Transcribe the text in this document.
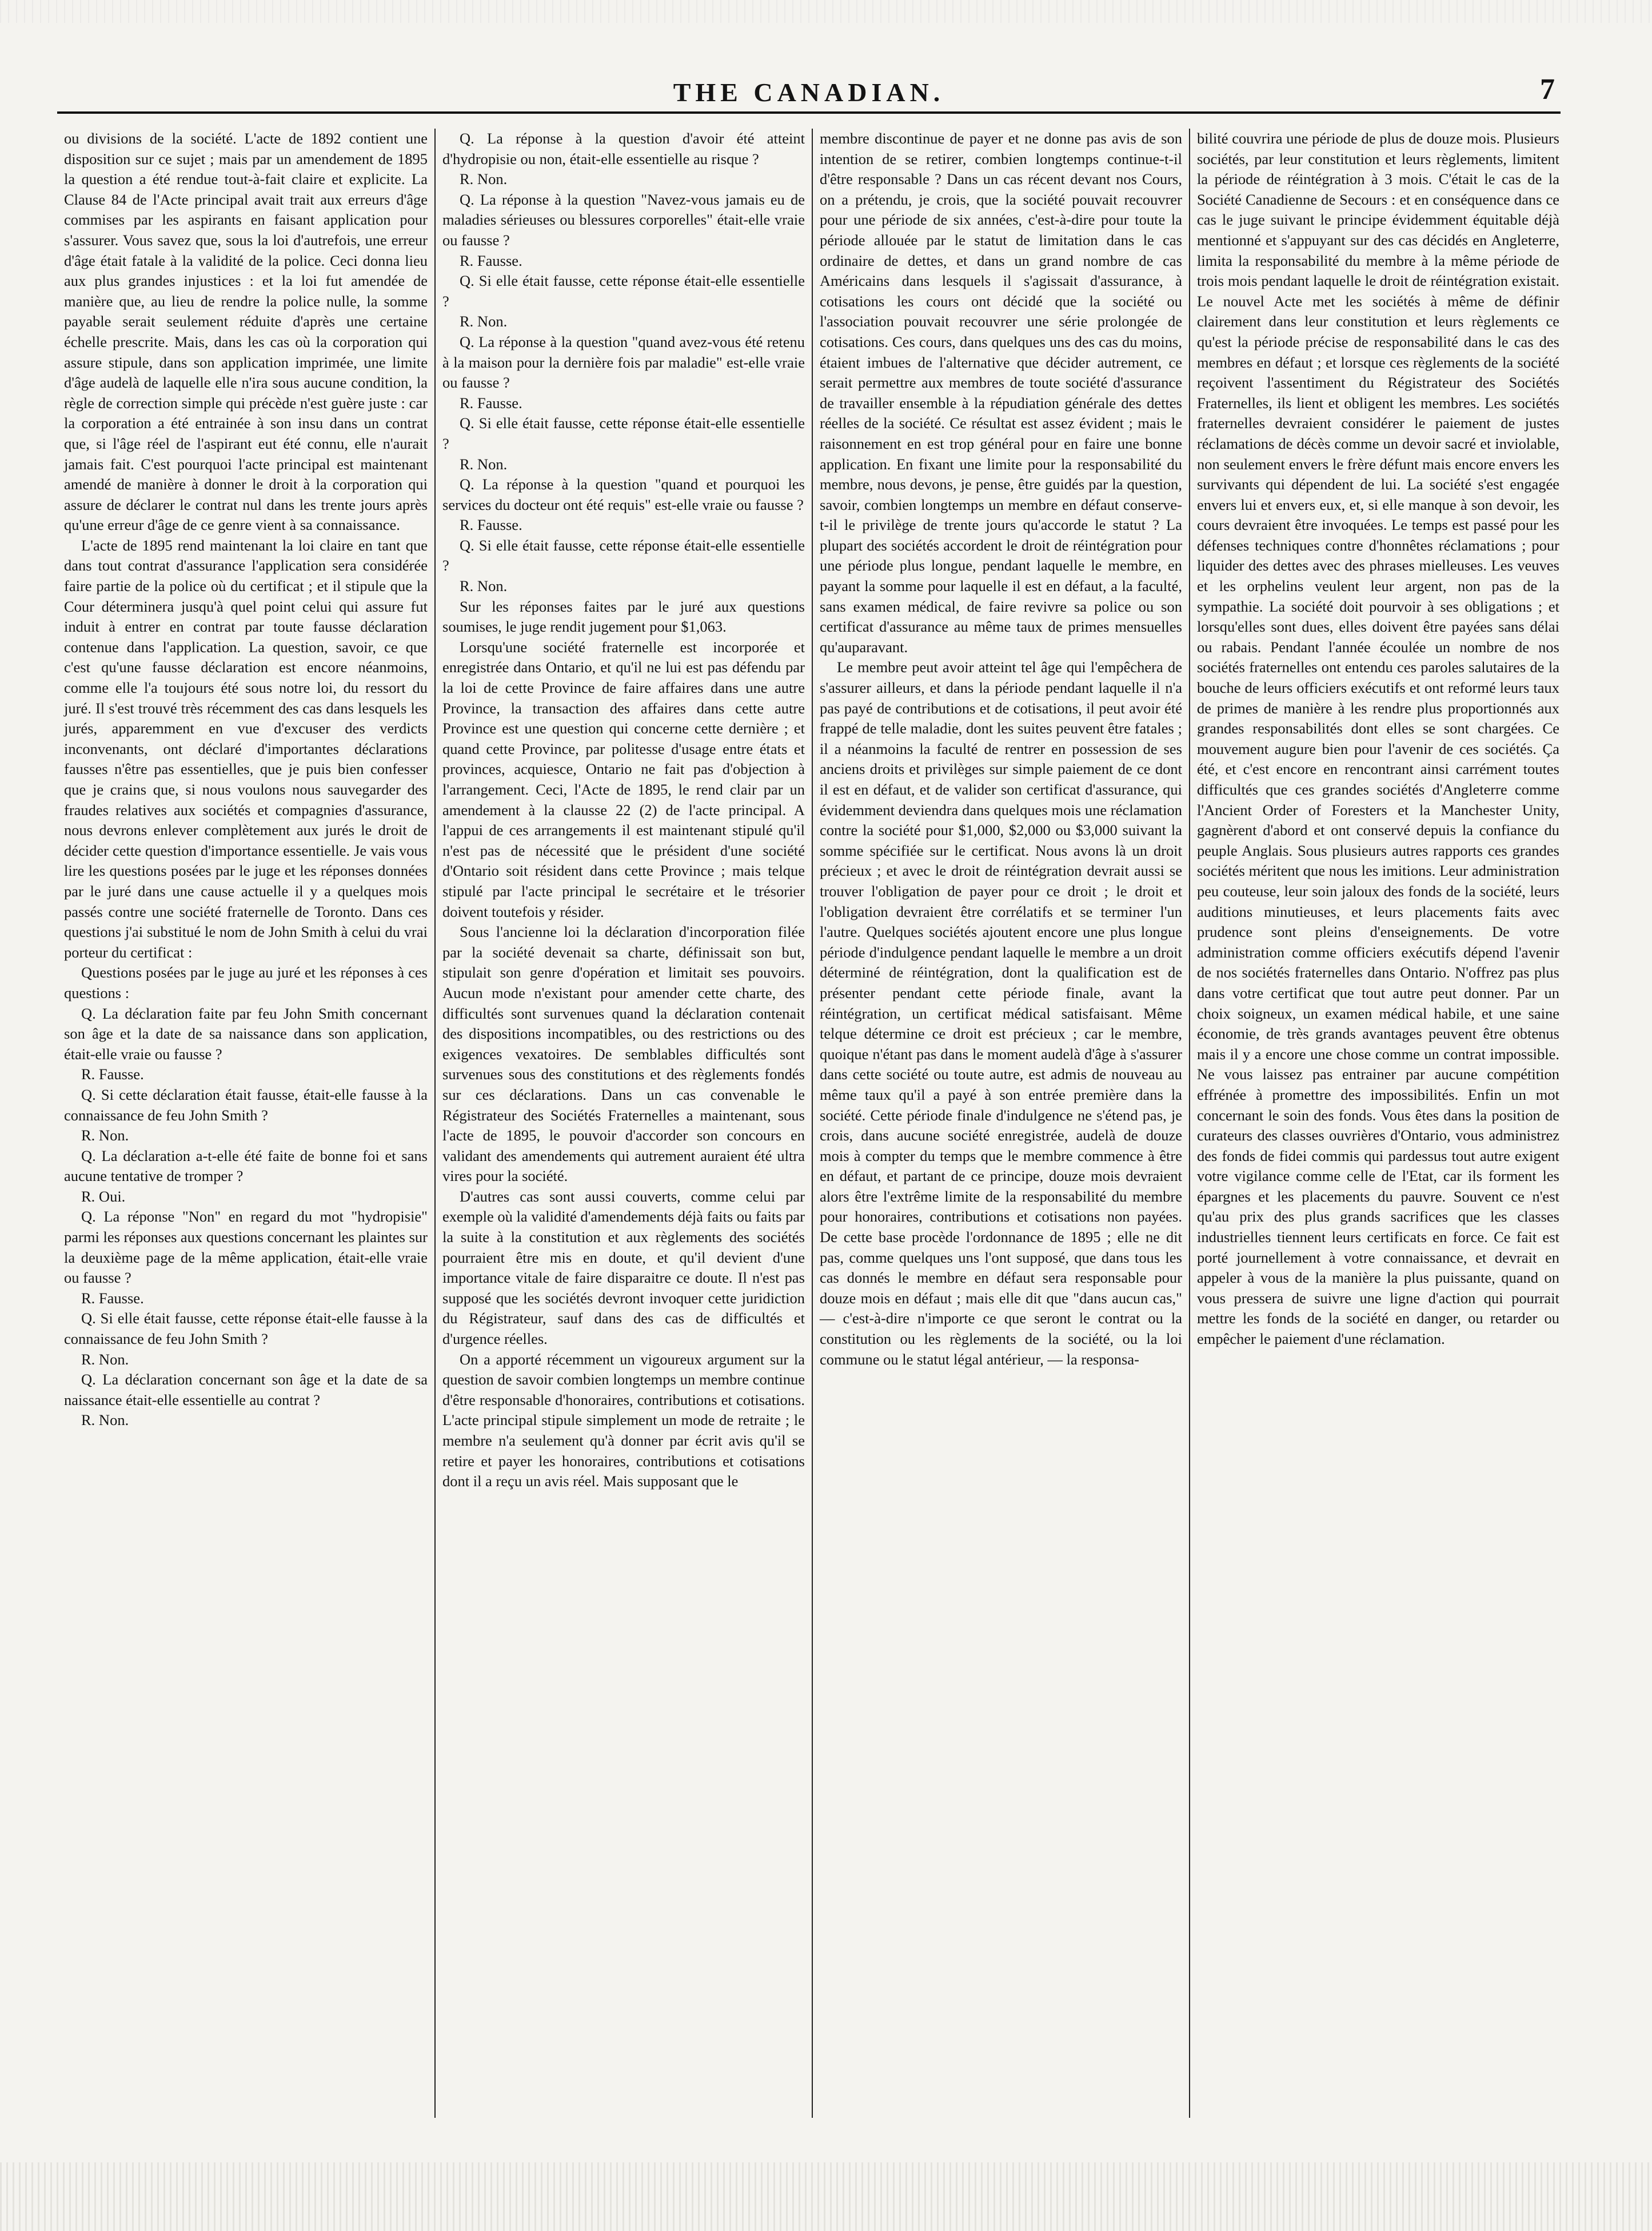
THE CANADIAN.	7

ou divisions de la société. L'acte de 1892 contient une disposition sur ce sujet ; mais par un amendement de 1895 la question a été rendue tout-à-fait claire et explicite. La Clause 84 de l'Acte principal avait trait aux erreurs d'âge commises par les aspirants en faisant application pour s'assurer. Vous savez que, sous la loi d'autrefois, une erreur d'âge était fatale à la validité de la police. Ceci donna lieu aux plus grandes injustices : et la loi fut amendée de manière que, au lieu de rendre la police nulle, la somme payable serait seulement réduite d'après une certaine échelle prescrite. Mais, dans les cas où la corporation qui assure stipule, dans son application imprimée, une limite d'âge audelà de laquelle elle n'ira sous aucune condition, la règle de correction simple qui précède n'est guère juste : car la corporation a été entrainée à son insu dans un contrat que, si l'âge réel de l'aspirant eut été connu, elle n'aurait jamais fait. C'est pourquoi l'acte principal est maintenant amendé de manière à donner le droit à la corporation qui assure de déclarer le contrat nul dans les trente jours après qu'une erreur d'âge de ce genre vient à sa connaissance.

L'acte de 1895 rend maintenant la loi claire en tant que dans tout contrat d'assurance l'application sera considérée faire partie de la police où du certificat ; et il stipule que la Cour déterminera jusqu'à quel point celui qui assure fut induit à entrer en contrat par toute fausse déclaration contenue dans l'application. La question, savoir, ce que c'est qu'une fausse déclaration est encore néanmoins, comme elle l'a toujours été sous notre loi, du ressort du juré. Il s'est trouvé très récemment des cas dans lesquels les jurés, apparemment en vue d'excuser des verdicts inconvenants, ont déclaré d'importantes déclarations fausses n'être pas essentielles, que je puis bien confesser que je crains que, si nous voulons nous sauvegarder des fraudes relatives aux sociétés et compagnies d'assurance, nous devrons enlever complètement aux jurés le droit de décider cette question d'importance essentielle. Je vais vous lire les questions posées par le juge et les réponses données par le juré dans une cause actuelle il y a quelques mois passés contre une société fraternelle de Toronto. Dans ces questions j'ai substitué le nom de John Smith à celui du vrai porteur du certificat :

Questions posées par le juge au juré et les réponses à ces questions :

Q. La déclaration faite par feu John Smith concernant son âge et la date de sa naissance dans son application, était-elle vraie ou fausse ?

R. Fausse.

Q. Si cette déclaration était fausse, était-elle fausse à la connaissance de feu John Smith ?

R. Non.

Q. La déclaration a-t-elle été faite de bonne foi et sans aucune tentative de tromper ?

R. Oui.

Q. La réponse "Non" en regard du mot "hydropisie" parmi les réponses aux questions concernant les plaintes sur la deuxième page de la même application, était-elle vraie ou fausse ?

R. Fausse.

Q. Si elle était fausse, cette réponse était-elle fausse à la connaissance de feu John Smith ?

R. Non.

Q. La déclaration concernant son âge et la date de sa naissance était-elle essentielle au contrat ?

R. Non.

Q. La réponse à la question d'avoir été atteint d'hydropisie ou non, était-elle essentielle au risque ?

R. Non.

Q. La réponse à la question "Navez-vous jamais eu de maladies sérieuses ou blessures corporelles" était-elle vraie ou fausse ?

R. Fausse.

Q. Si elle était fausse, cette réponse était-elle essentielle ?

R. Non.

Q. La réponse à la question "quand avez-vous été retenu à la maison pour la dernière fois par maladie" est-elle vraie ou fausse ?

R. Fausse.

Q. Si elle était fausse, cette réponse était-elle essentielle ?

R. Non.

Q. La réponse à la question "quand et pourquoi les services du docteur ont été requis" est-elle vraie ou fausse ?

R. Fausse.

Q. Si elle était fausse, cette réponse était-elle essentielle ?

R. Non.

Sur les réponses faites par le juré aux questions soumises, le juge rendit jugement pour $1,063.

Lorsqu'une société fraternelle est incorporée et enregistrée dans Ontario, et qu'il ne lui est pas défendu par la loi de cette Province de faire affaires dans une autre Province, la transaction des affaires dans cette autre Province est une question qui concerne cette dernière ; et quand cette Province, par politesse d'usage entre états et provinces, acquiesce, Ontario ne fait pas d'objection à l'arrangement. Ceci, l'Acte de 1895, le rend clair par un amendement à la clausse 22 (2) de l'acte principal. A l'appui de ces arrangements il est maintenant stipulé qu'il n'est pas de nécessité que le président d'une société d'Ontario soit résident dans cette Province ; mais telque stipulé par l'acte principal le secrétaire et le trésorier doivent toutefois y résider.

Sous l'ancienne loi la déclaration d'incorporation filée par la société devenait sa charte, définissait son but, stipulait son genre d'opération et limitait ses pouvoirs. Aucun mode n'existant pour amender cette charte, des difficultés sont survenues quand la déclaration contenait des dispositions incompatibles, ou des restrictions ou des exigences vexatoires. De semblables difficultés sont survenues sous des constitutions et des règlements fondés sur ces déclarations. Dans un cas convenable le Régistrateur des Sociétés Fraternelles a maintenant, sous l'acte de 1895, le pouvoir d'accorder son concours en validant des amendements qui autrement auraient été ultra vires pour la société.

D'autres cas sont aussi couverts, comme celui par exemple où la validité d'amendements déjà faits ou faits par la suite à la constitution et aux règlements des sociétés pourraient être mis en doute, et qu'il devient d'une importance vitale de faire disparaitre ce doute. Il n'est pas supposé que les sociétés devront invoquer cette juridiction du Régistrateur, sauf dans des cas de difficultés et d'urgence réelles.

On a apporté récemment un vigoureux argument sur la question de savoir combien longtemps un membre continue d'être responsable d'honoraires, contributions et cotisations. L'acte principal stipule simplement un mode de retraite ; le membre n'a seulement qu'à donner par écrit avis qu'il se retire et payer les honoraires, contributions et cotisations dont il a reçu un avis réel. Mais supposant que le

membre discontinue de payer et ne donne pas avis de son intention de se retirer, combien longtemps continue-t-il d'être responsable ? Dans un cas récent devant nos Cours, on a prétendu, je crois, que la société pouvait recouvrer pour une période de six années, c'est-à-dire pour toute la période allouée par le statut de limitation dans le cas ordinaire de dettes, et dans un grand nombre de cas Américains dans lesquels il s'agissait d'assurance, à cotisations les cours ont décidé que la société ou l'association pouvait recouvrer une série prolongée de cotisations. Ces cours, dans quelques uns des cas du moins, étaient imbues de l'alternative que décider autrement, ce serait permettre aux membres de toute société d'assurance de travailler ensemble à la répudiation générale des dettes réelles de la société. Ce résultat est assez évident ; mais le raisonnement en est trop général pour en faire une bonne application. En fixant une limite pour la responsabilité du membre, nous devons, je pense, être guidés par la question, savoir, combien longtemps un membre en défaut conserve-t-il le privilège de trente jours qu'accorde le statut ? La plupart des sociétés accordent le droit de réintégration pour une période plus longue, pendant laquelle le membre, en payant la somme pour laquelle il est en défaut, a la faculté, sans examen médical, de faire revivre sa police ou son certificat d'assurance au même taux de primes mensuelles qu'auparavant.

Le membre peut avoir atteint tel âge qui l'empêchera de s'assurer ailleurs, et dans la période pendant laquelle il n'a pas payé de contributions et de cotisations, il peut avoir été frappé de telle maladie, dont les suites peuvent être fatales ; il a néanmoins la faculté de rentrer en possession de ses anciens droits et privilèges sur simple paiement de ce dont il est en défaut, et de valider son certificat d'assurance, qui évidemment deviendra dans quelques mois une réclamation contre la société pour $1,000, $2,000 ou $3,000 suivant la somme spécifiée sur le certificat. Nous avons là un droit précieux ; et avec le droit de réintégration devrait aussi se trouver l'obligation de payer pour ce droit ; le droit et l'obligation devraient être corrélatifs et se terminer l'un l'autre. Quelques sociétés ajoutent encore une plus longue période d'indulgence pendant laquelle le membre a un droit déterminé de réintégration, dont la qualification est de présenter pendant cette période finale, avant la réintégration, un certificat médical satisfaisant. Même telque détermine ce droit est précieux ; car le membre, quoique n'étant pas dans le moment audelà d'âge à s'assurer dans cette société ou toute autre, est admis de nouveau au même taux qu'il a payé à son entrée première dans la société. Cette période finale d'indulgence ne s'étend pas, je crois, dans aucune société enregistrée, audelà de douze mois à compter du temps que le membre commence à être en défaut, et partant de ce principe, douze mois devraient alors être l'extrême limite de la responsabilité du membre pour honoraires, contributions et cotisations non payées. De cette base procède l'ordonnance de 1895 ; elle ne dit pas, comme quelques uns l'ont supposé, que dans tous les cas donnés le membre en défaut sera responsable pour douze mois en défaut ; mais elle dit que "dans aucun cas," — c'est-à-dire n'importe ce que seront le contrat ou la constitution ou les règlements de la société, ou la loi commune ou le statut légal antérieur, — la responsa-

bilité couvrira une période de plus de douze mois. Plusieurs sociétés, par leur constitution et leurs règlements, limitent la période de réintégration à 3 mois. C'était le cas de la Société Canadienne de Secours : et en conséquence dans ce cas le juge suivant le principe évidemment équitable déjà mentionné et s'appuyant sur des cas décidés en Angleterre, limita la responsabilité du membre à la même période de trois mois pendant laquelle le droit de réintégration existait. Le nouvel Acte met les sociétés à même de définir clairement dans leur constitution et leurs règlements ce qu'est la période précise de responsabilité dans le cas des membres en défaut ; et lorsque ces règlements de la société reçoivent l'assentiment du Régistrateur des Sociétés Fraternelles, ils lient et obligent les membres. Les sociétés fraternelles devraient considérer le paiement de justes réclamations de décès comme un devoir sacré et inviolable, non seulement envers le frère défunt mais encore envers les survivants qui dépendent de lui. La société s'est engagée envers lui et envers eux, et, si elle manque à son devoir, les cours devraient être invoquées. Le temps est passé pour les défenses techniques contre d'honnêtes réclamations ; pour liquider des dettes avec des phrases mielleuses. Les veuves et les orphelins veulent leur argent, non pas de la sympathie. La société doit pourvoir à ses obligations ; et lorsqu'elles sont dues, elles doivent être payées sans délai ou rabais. Pendant l'année écoulée un nombre de nos sociétés fraternelles ont entendu ces paroles salutaires de la bouche de leurs officiers exécutifs et ont reformé leurs taux de primes de manière à les rendre plus proportionnés aux grandes responsabilités dont elles se sont chargées. Ce mouvement augure bien pour l'avenir de ces sociétés. Ça été, et c'est encore en rencontrant ainsi carrément toutes difficultés que ces grandes sociétés d'Angleterre comme l'Ancient Order of Foresters et la Manchester Unity, gagnèrent d'abord et ont conservé depuis la confiance du peuple Anglais. Sous plusieurs autres rapports ces grandes sociétés méritent que nous les imitions. Leur administration peu couteuse, leur soin jaloux des fonds de la société, leurs auditions minutieuses, et leurs placements faits avec prudence sont pleins d'enseignements. De votre administration comme officiers exécutifs dépend l'avenir de nos sociétés fraternelles dans Ontario. N'offrez pas plus dans votre certificat que tout autre peut donner. Par un choix soigneux, un examen médical habile, et une saine économie, de très grands avantages peuvent être obtenus mais il y a encore une chose comme un contrat impossible. Ne vous laissez pas entrainer par aucune compétition effrénée à promettre des impossibilités. Enfin un mot concernant le soin des fonds. Vous êtes dans la position de curateurs des classes ouvrières d'Ontario, vous administrez des fonds de fidei commis qui pardessus tout autre exigent votre vigilance comme celle de l'Etat, car ils forment les épargnes et les placements du pauvre. Souvent ce n'est qu'au prix des plus grands sacrifices que les classes industrielles tiennent leurs certificats en force. Ce fait est porté journellement à votre connaissance, et devrait en appeler à vous de la manière la plus puissante, quand on vous pressera de suivre une ligne d'action qui pourrait mettre les fonds de la société en danger, ou retarder ou empêcher le paiement d'une réclamation.
